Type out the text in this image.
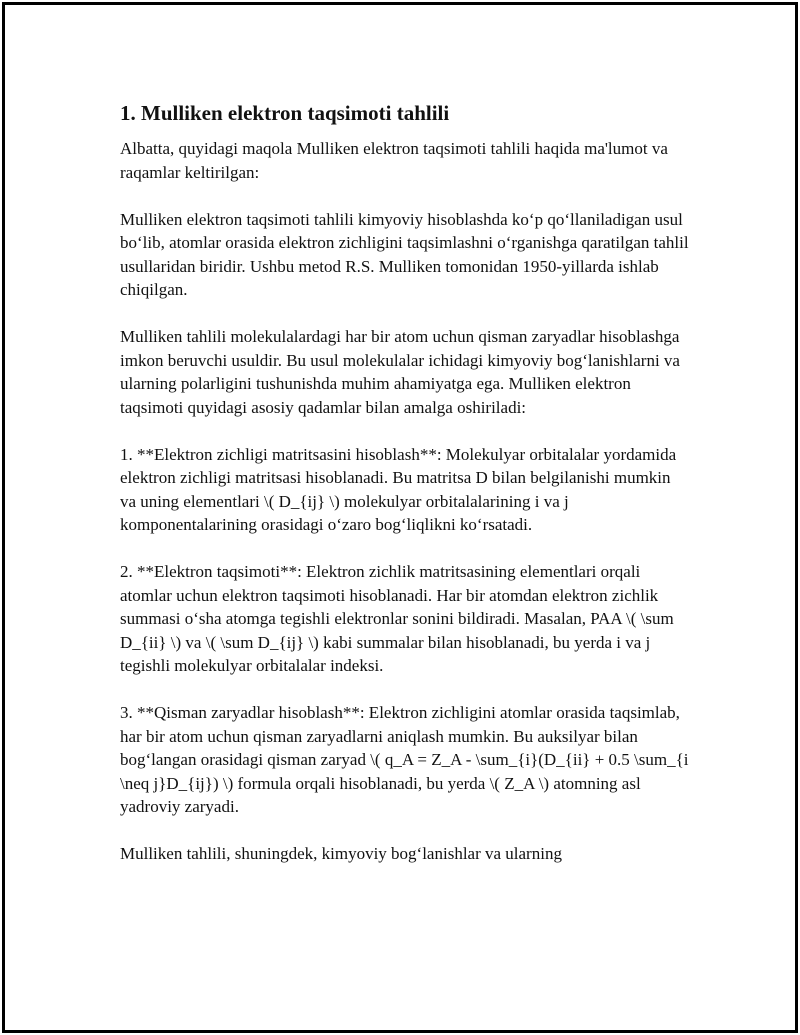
1. Mulliken elektron taqsimoti tahlili

Albatta, quyidagi maqola Mulliken elektron taqsimoti tahlili haqida ma'lumot va raqamlar keltirilgan:

Mulliken elektron taqsimoti tahlili kimyoviy hisoblashda ko‘p qo‘llaniladigan usul bo‘lib, atomlar orasida elektron zichligini taqsimlashni o‘rganishga qaratilgan tahlil usullaridan biridir. Ushbu metod R.S. Mulliken tomonidan 1950-yillarda ishlab chiqilgan.

Mulliken tahlili molekulalardagi har bir atom uchun qisman zaryadlar hisoblashga imkon beruvchi usuldir. Bu usul molekulalar ichidagi kimyoviy bog‘lanishlarni va ularning polarligini tushunishda muhim ahamiyatga ega. Mulliken elektron taqsimoti quyidagi asosiy qadamlar bilan amalga oshiriladi:

1. **Elektron zichligi matritsasini hisoblash**: Molekulyar orbitalalar yordamida elektron zichligi matritsasi hisoblanadi. Bu matritsa D bilan belgilanishi mumkin va uning elementlari \( D_{ij} \) molekulyar orbitalalarining i va j komponentalarining orasidagi o‘zaro bog‘liqlikni ko‘rsatadi.

2. **Elektron taqsimoti**: Elektron zichlik matritsasining elementlari orqali atomlar uchun elektron taqsimoti hisoblanadi. Har bir atomdan elektron zichlik summasi o‘sha atomga tegishli elektronlar sonini bildiradi. Masalan, PAA \( \sum D_{ii} \) va \( \sum D_{ij} \) kabi summalar bilan hisoblanadi, bu yerda i va j tegishli molekulyar orbitalalar indeksi.

3. **Qisman zaryadlar hisoblash**: Elektron zichligini atomlar orasida taqsimlab, har bir atom uchun qisman zaryadlarni aniqlash mumkin. Bu auksilyar bilan bog‘langan orasidagi qisman zaryad \( q_A = Z_A - \sum_{i}(D_{ii} + 0.5 \sum_{i \neq j}D_{ij}) \) formula orqali hisoblanadi, bu yerda \( Z_A \) atomning asl yadroviy zaryadi.

Mulliken tahlili, shuningdek, kimyoviy bog‘lanishlar va ularning
